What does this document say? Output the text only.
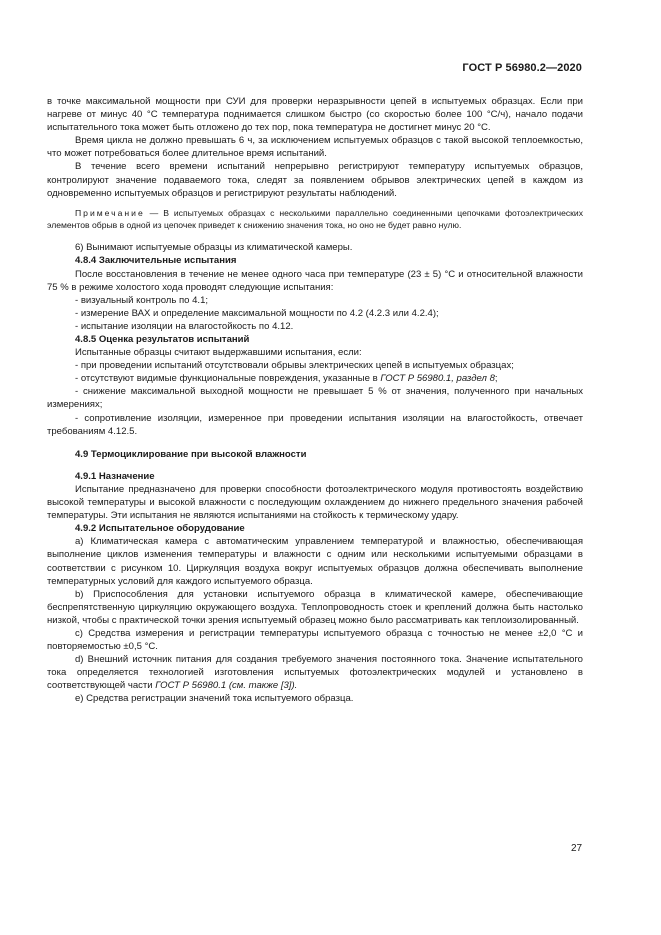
ГОСТ Р 56980.2—2020

в точке максимальной мощности при СУИ для проверки неразрывности цепей в испытуемых образцах. Если при нагреве от минус 40 °С температура поднимается слишком быстро (со скоростью более 100 °С/ч), начало подачи испытательного тока может быть отложено до тех пор, пока температура не достигнет минус 20 °С.

Время цикла не должно превышать 6 ч, за исключением испытуемых образцов с такой высокой теплоемкостью, что может потребоваться более длительное время испытаний.

В течение всего времени испытаний непрерывно регистрируют температуру испытуемых образцов, контролируют значение подаваемого тока, следят за появлением обрывов электрических цепей в каждом из одновременно испытуемых образцов и регистрируют результаты наблюдений.

Примечание — В испытуемых образцах с несколькими параллельно соединенными цепочками фотоэлектрических элементов обрыв в одной из цепочек приведет к снижению значения тока, но оно не будет равно нулю.

6) Вынимают испытуемые образцы из климатической камеры.

4.8.4 Заключительные испытания

После восстановления в течение не менее одного часа при температуре (23 ± 5) °С и относительной влажности 75 % в режиме холостого хода проводят следующие испытания:

- визуальный контроль по 4.1;

- измерение ВАХ и определение максимальной мощности по 4.2 (4.2.3 или 4.2.4);

- испытание изоляции на влагостойкость по 4.12.

4.8.5 Оценка результатов испытаний

Испытанные образцы считают выдержавшими испытания, если:

- при проведении испытаний отсутствовали обрывы электрических цепей в испытуемых образцах;

- отсутствуют видимые функциональные повреждения, указанные в ГОСТ Р 56980.1, раздел 8;

- снижение максимальной выходной мощности не превышает 5 % от значения, полученного при начальных измерениях;

- сопротивление изоляции, измеренное при проведении испытания изоляции на влагостойкость, отвечает требованиям 4.12.5.

4.9 Термоциклирование при высокой влажности

4.9.1 Назначение

Испытание предназначено для проверки способности фотоэлектрического модуля противостоять воздействию высокой температуры и высокой влажности с последующим охлаждением до нижнего предельного значения рабочей температуры. Эти испытания не являются испытаниями на стойкость к термическому удару.

4.9.2 Испытательное оборудование

а) Климатическая камера с автоматическим управлением температурой и влажностью, обеспечивающая выполнение циклов изменения температуры и влажности с одним или несколькими испытуемыми образцами в соответствии с рисунком 10. Циркуляция воздуха вокруг испытуемых образцов должна обеспечивать выполнение температурных условий для каждого испытуемого образца.

b) Приспособления для установки испытуемого образца в климатической камере, обеспечивающие беспрепятственную циркуляцию окружающего воздуха. Теплопроводность стоек и креплений должна быть настолько низкой, чтобы с практической точки зрения испытуемый образец можно было рассматривать как теплоизолированный.

c) Средства измерения и регистрации температуры испытуемого образца с точностью не менее ±2,0 °С и повторяемостью ±0,5 °С.

d) Внешний источник питания для создания требуемого значения постоянного тока. Значение испытательного тока определяется технологией изготовления испытуемых фотоэлектрических модулей и установлено в соответствующей части ГОСТ Р 56980.1 (см. также [3]).

е) Средства регистрации значений тока испытуемого образца.

27
